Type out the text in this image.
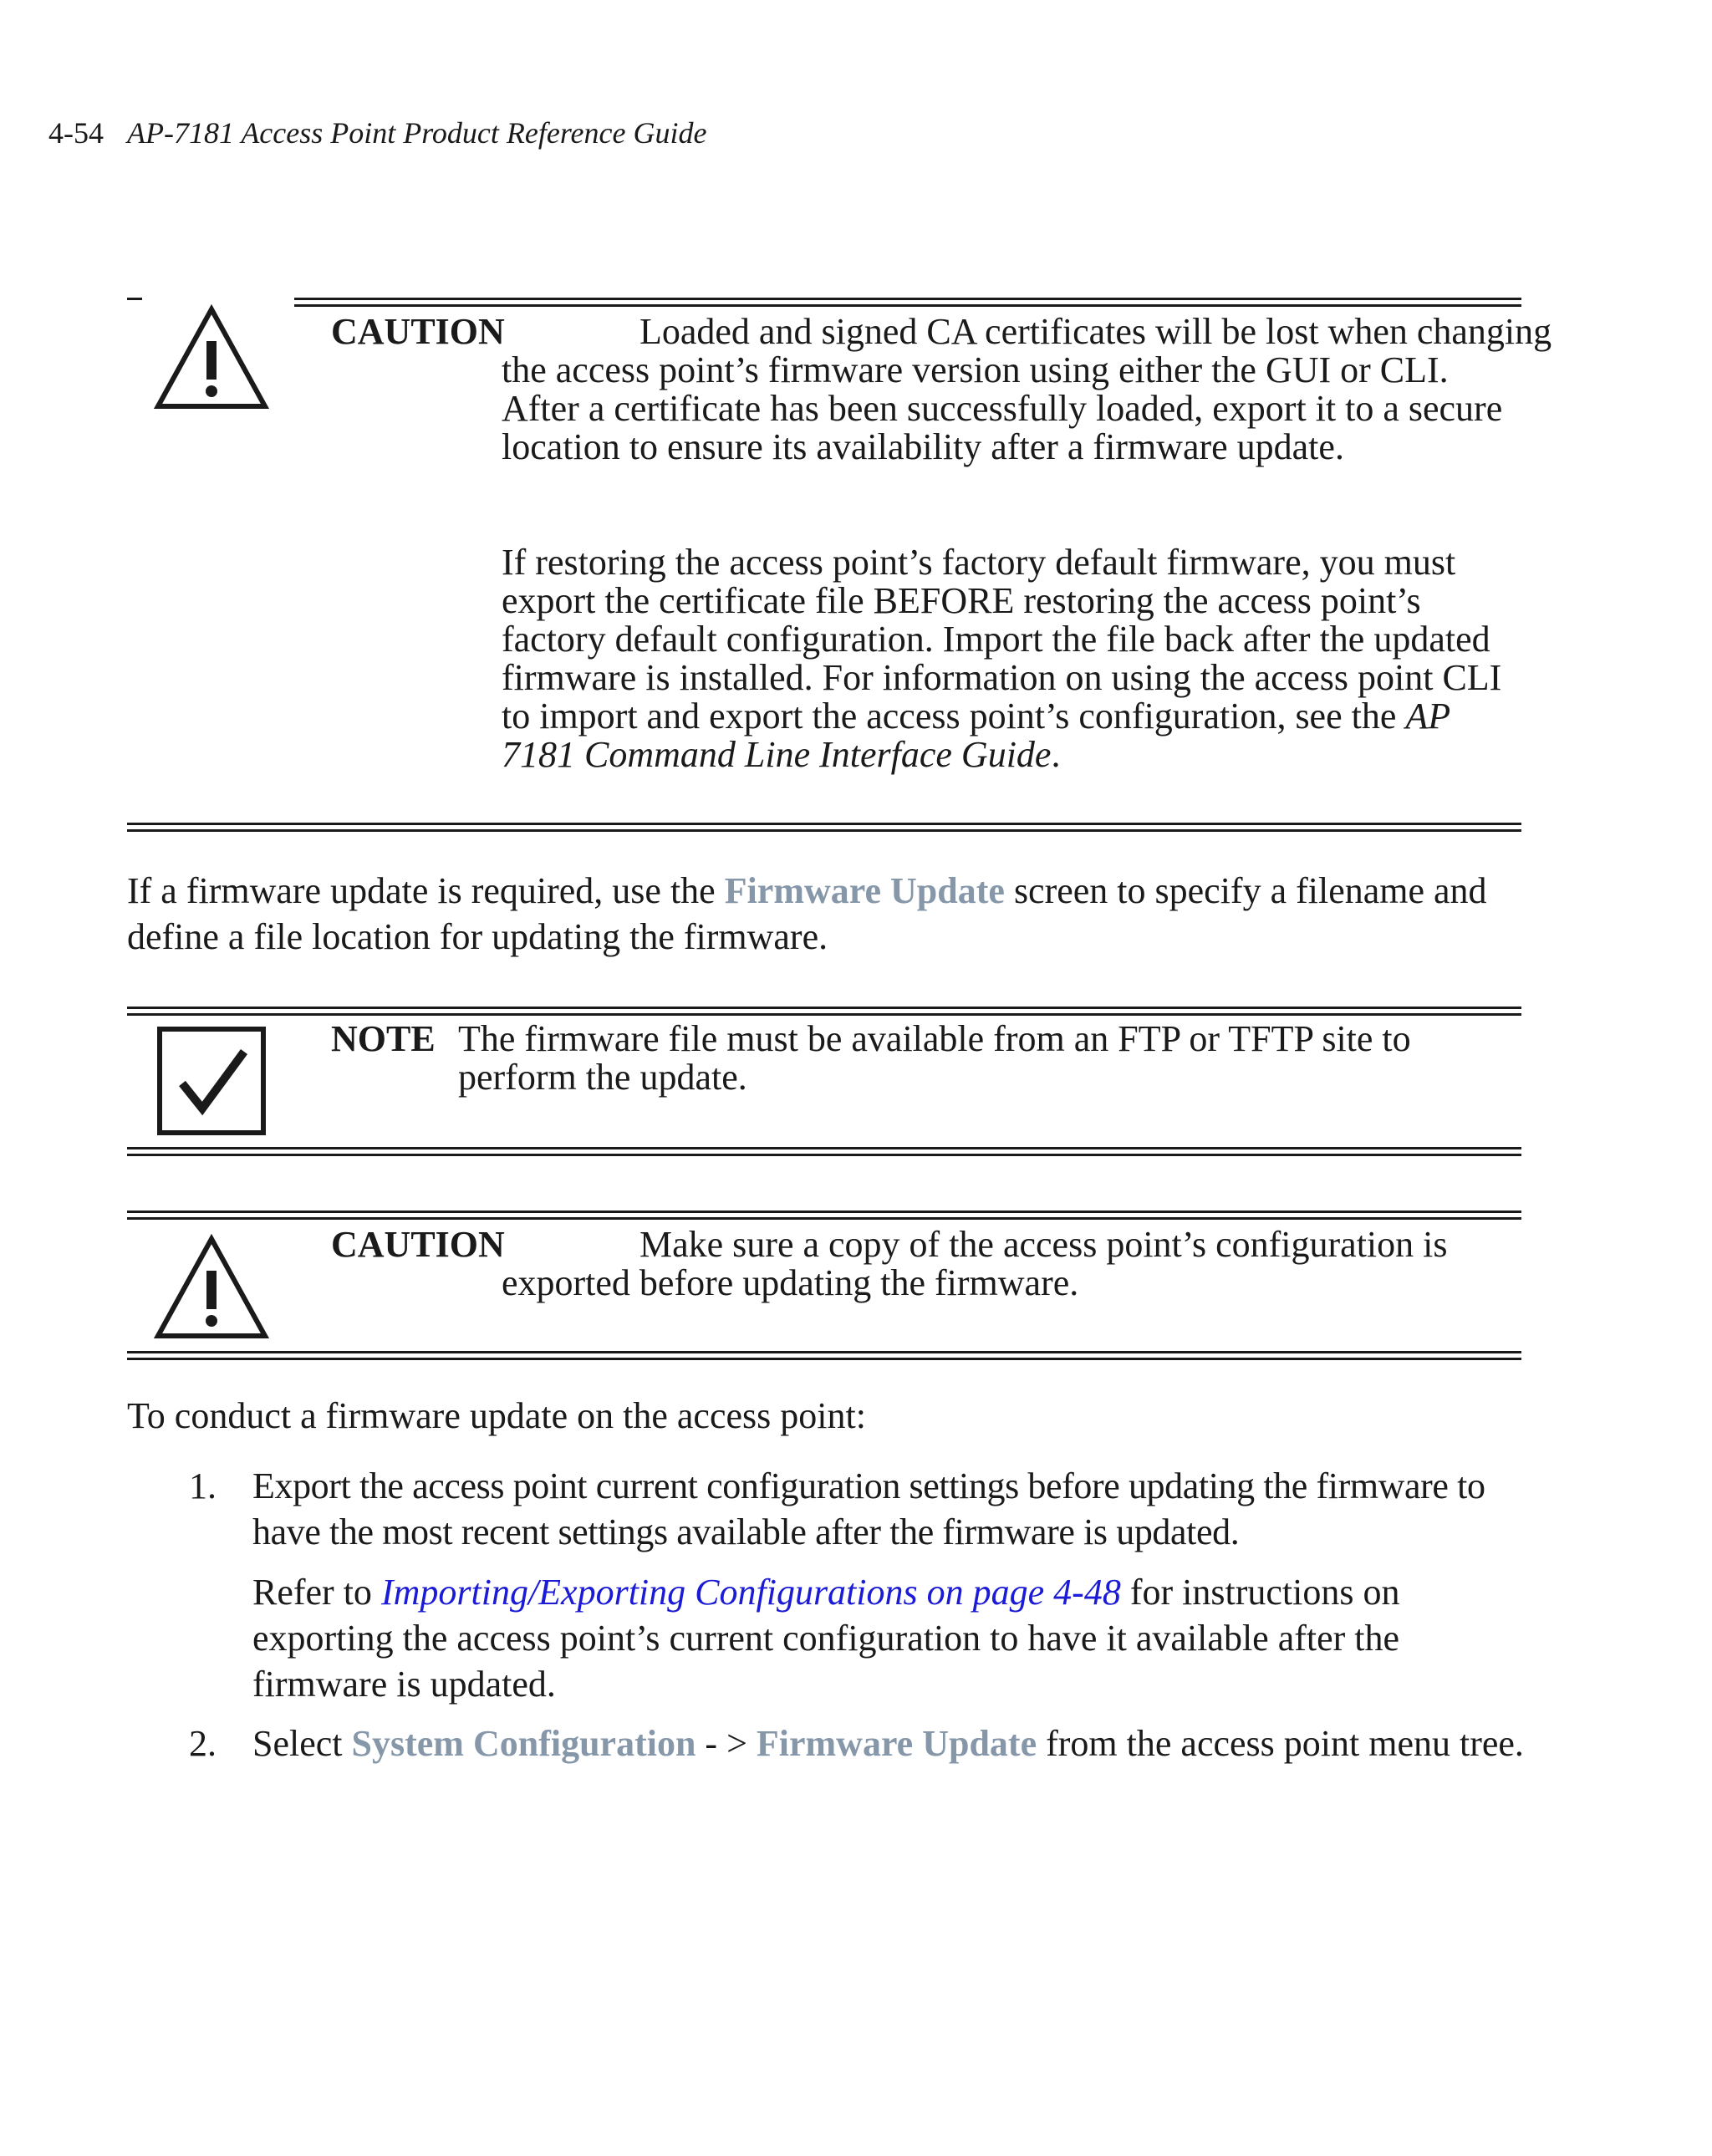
4-54 AP-7181 Access Point Product Reference Guide
CAUTION	Loaded and signed CA certificates will be lost when changing

the access point’s firmware version using either the GUI or CLI. After a certificate has been successfully loaded, export it to a secure location to ensure its availability after a firmware update.

If restoring the access point’s factory default firmware, you must export the certificate file BEFORE restoring the access point’s factory default configuration. Import the file back after the updated firmware is installed. For information on using the access point CLI to import and export the access point’s configuration, see the AP 7181 Command Line Interface Guide.

If a firmware update is required, use the Firmware Update screen to specify a filename and define a file location for updating the firmware.

NOTE The firmware file must be available from an FTP or TFTP site to perform the update.
CAUTION	Make sure a copy of the access point’s configuration is
exported before updating the firmware.

To conduct a firmware update on the access point:

1. Export the access point current configuration settings before updating the firmware to have the most recent settings available after the firmware is updated.

Refer to Importing/Exporting Configurations on page 4-48 for instructions on exporting the access point’s current configuration to have it available after the firmware is updated.

2. Select System Configuration - > Firmware Update from the access point menu tree.
